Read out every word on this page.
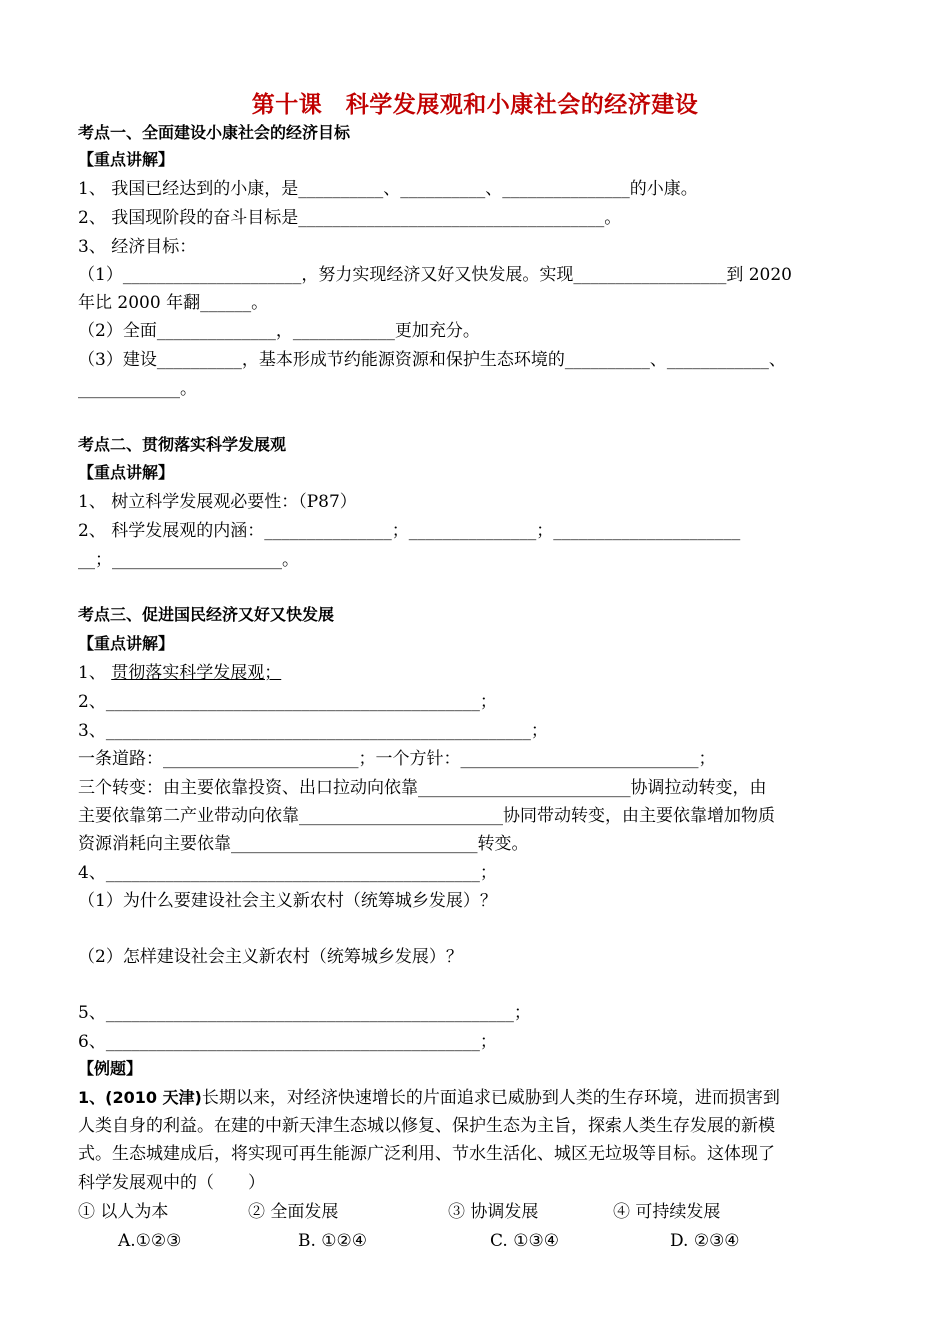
第十课　科学发展观和小康社会的经济建设
考点一、全面建设小康社会的经济目标
【重点讲解】
1、 我国已经达到的小康，是__________、__________、_______________的小康。
2、 我国现阶段的奋斗目标是____________________________________。
3、 经济目标：
（1）_____________________，努力实现经济又好又快发展。实现__________________到 2020
年比 2000 年翻______。
（2）全面______________，____________更加充分。
（3）建设__________，基本形成节约能源资源和保护生态环境的__________、____________、
____________。
考点二、贯彻落实科学发展观
【重点讲解】
1、 树立科学发展观必要性：（P87）
2、 科学发展观的内涵：_______________；_______________；______________________
__；____________________。
考点三、促进国民经济又好又快发展
【重点讲解】
1、 贯彻落实科学发展观；
2、____________________________________________；
3、__________________________________________________；
一条道路：_______________________；一个方针：____________________________；
三个转变：由主要依靠投资、出口拉动向依靠_________________________协调拉动转变，由
主要依靠第二产业带动向依靠________________________协同带动转变，由主要依靠增加物质
资源消耗向主要依靠_____________________________转变。
4、____________________________________________；
（1）为什么要建设社会主义新农村（统筹城乡发展）？
（2）怎样建设社会主义新农村（统筹城乡发展）？
5、________________________________________________；
6、____________________________________________；
【例题】
1、(2010 天津)长期以来，对经济快速增长的片面追求已威胁到人类的生存环境，进而损害到
人类自身的利益。在建的中新天津生态城以修复、保护生态为主旨，探索人类生存发展的新模
式。生态城建成后，将实现可再生能源广泛利用、节水生活化、城区无垃圾等目标。这体现了
科学发展观中的（　　）
① 以人为本	② 全面发展	③ 协调发展	④ 可持续发展
A.①②③	B. ①②④	C. ①③④	D. ②③④
